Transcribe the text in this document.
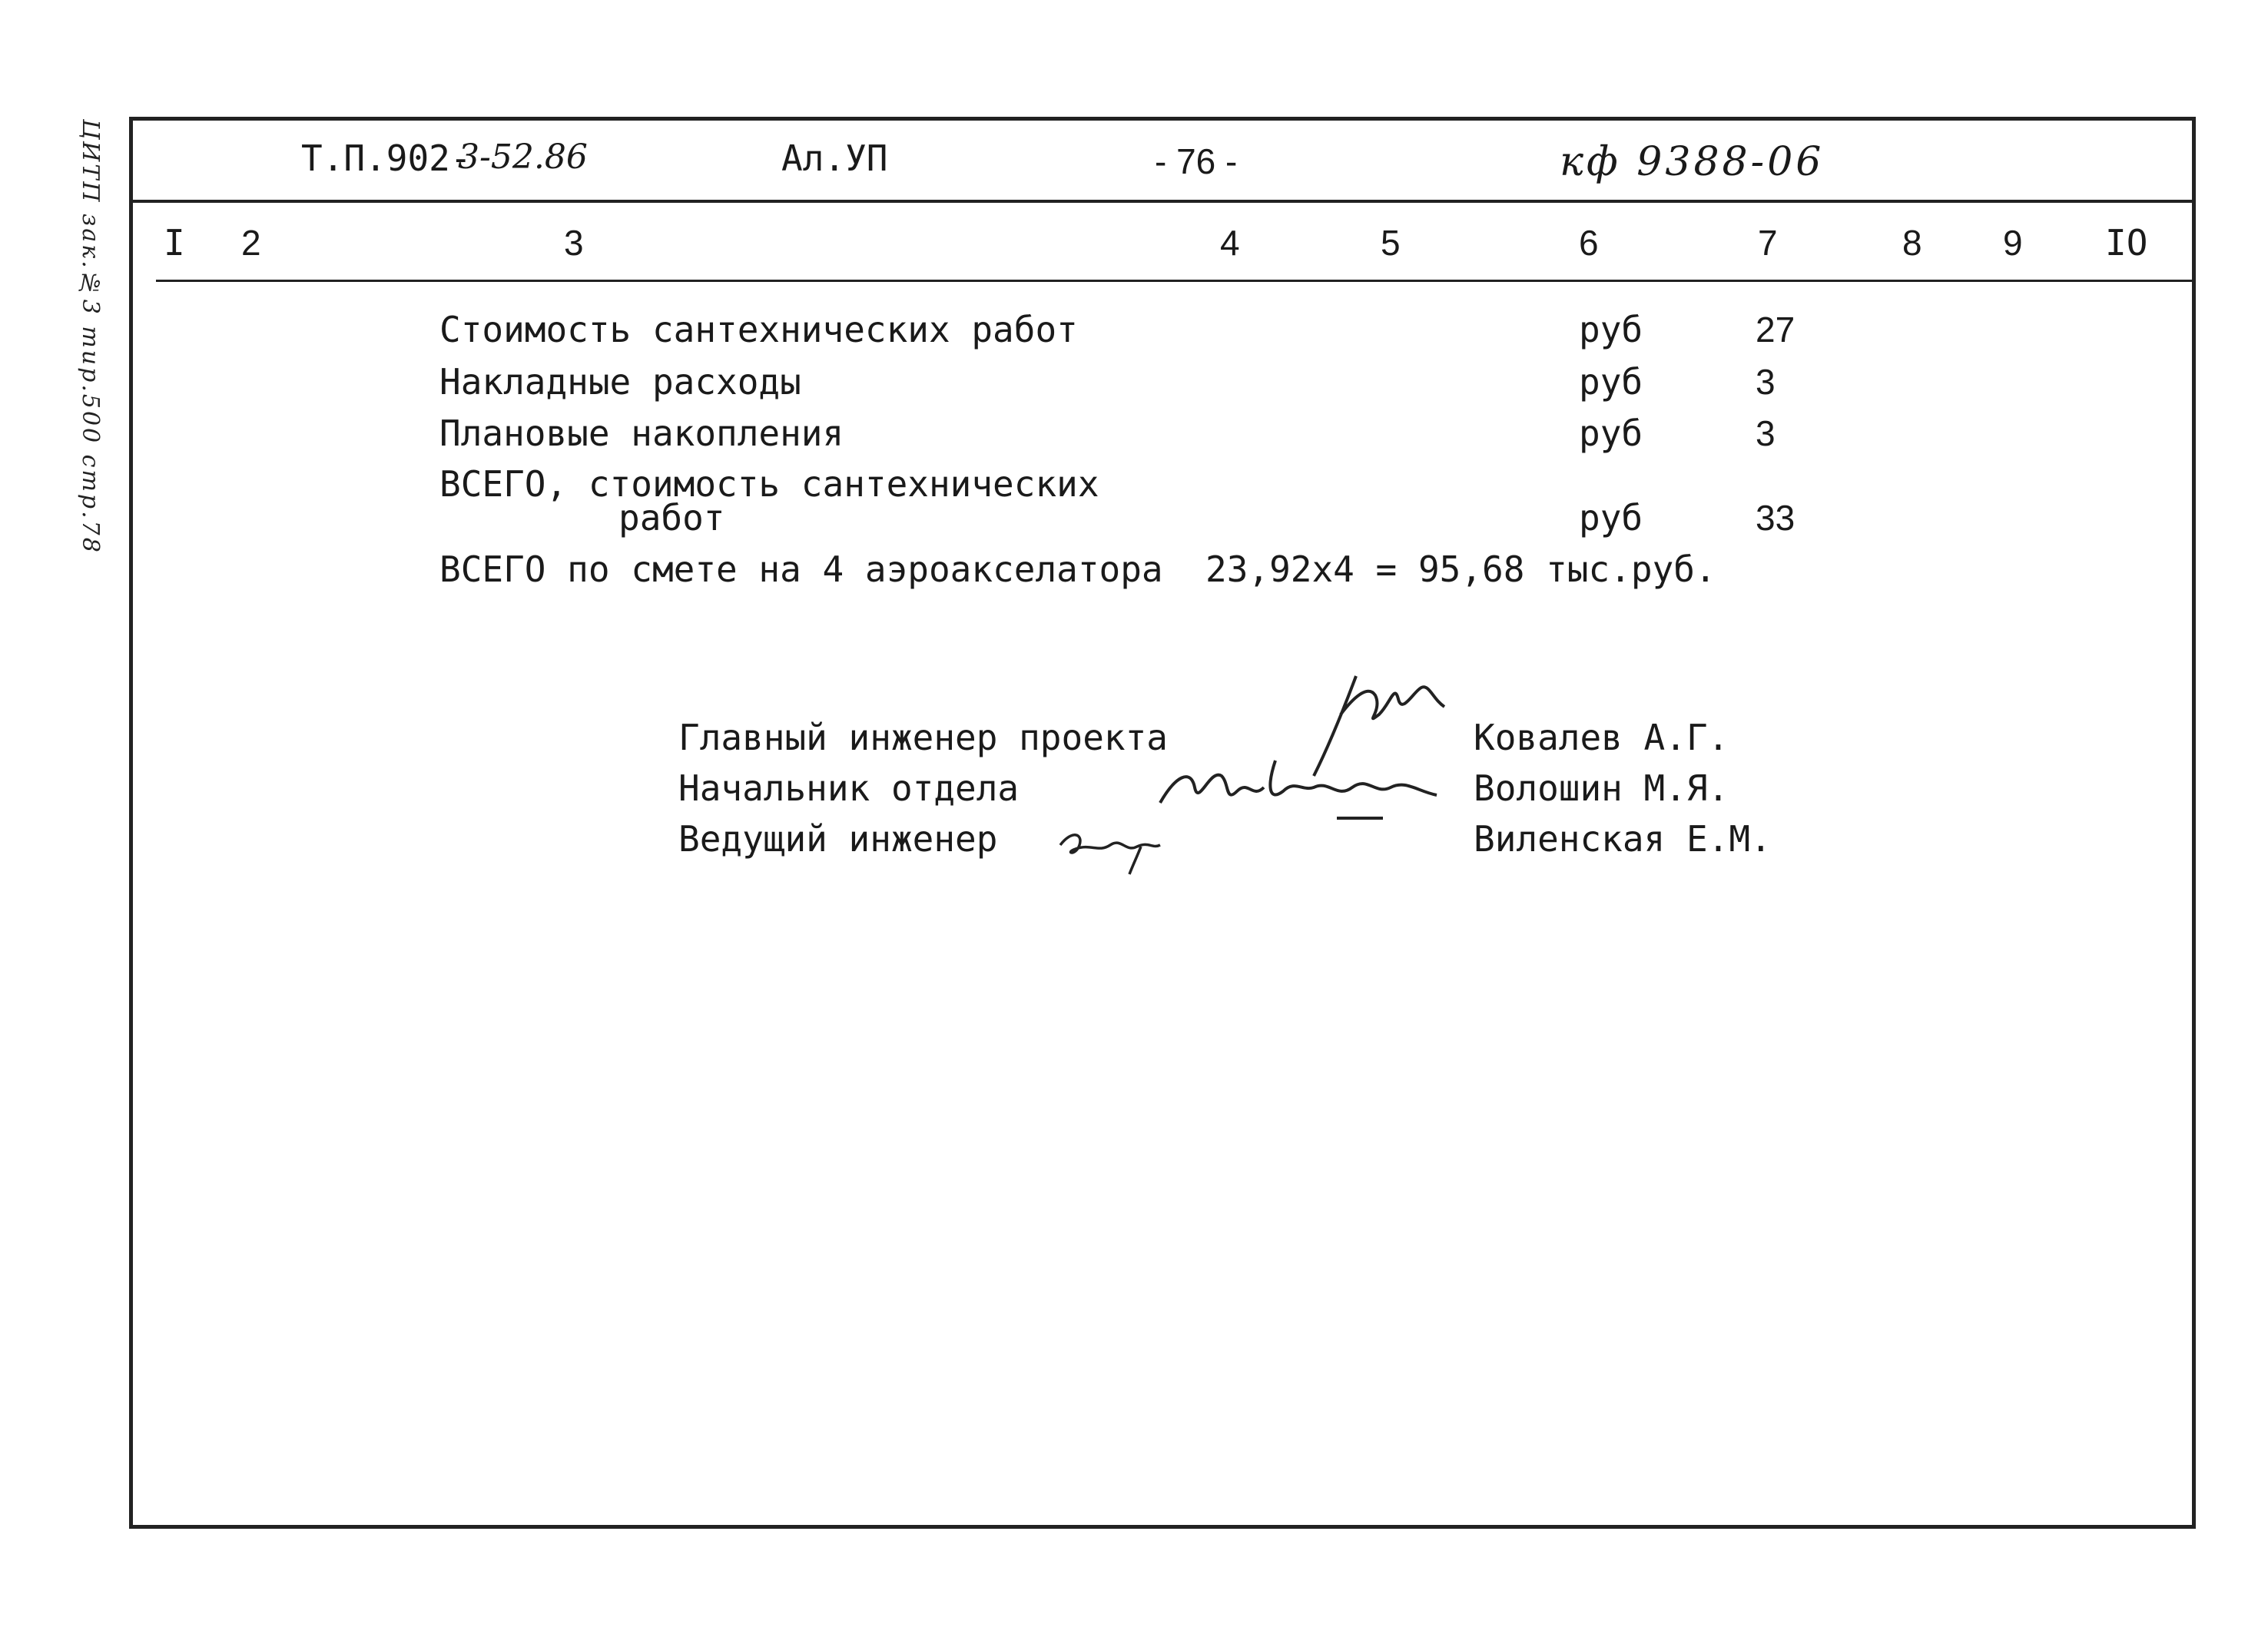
ЦИТП зак.№3 тир.500 стр.78	Т.П.902-
3-52.86	Ал.УП	- 76 -	кф 9388-06
I 2	3	4	5	6	7	8 9 IO
Стоимость сантехнических работ	руб	27
Накладные расходы	руб	3
Плановые накопления	руб	3
ВСЕГО, стоимость сантехнических
работ	руб	33
ВСЕГО по смете на 4 аэроакселатора  23,92х4 = 95,68 тыс.руб.
Главный инженер проекта	Ковалев А.Г.
Начальник отдела	Волошин М.Я.
Ведущий инженер	Виленская Е.М.
